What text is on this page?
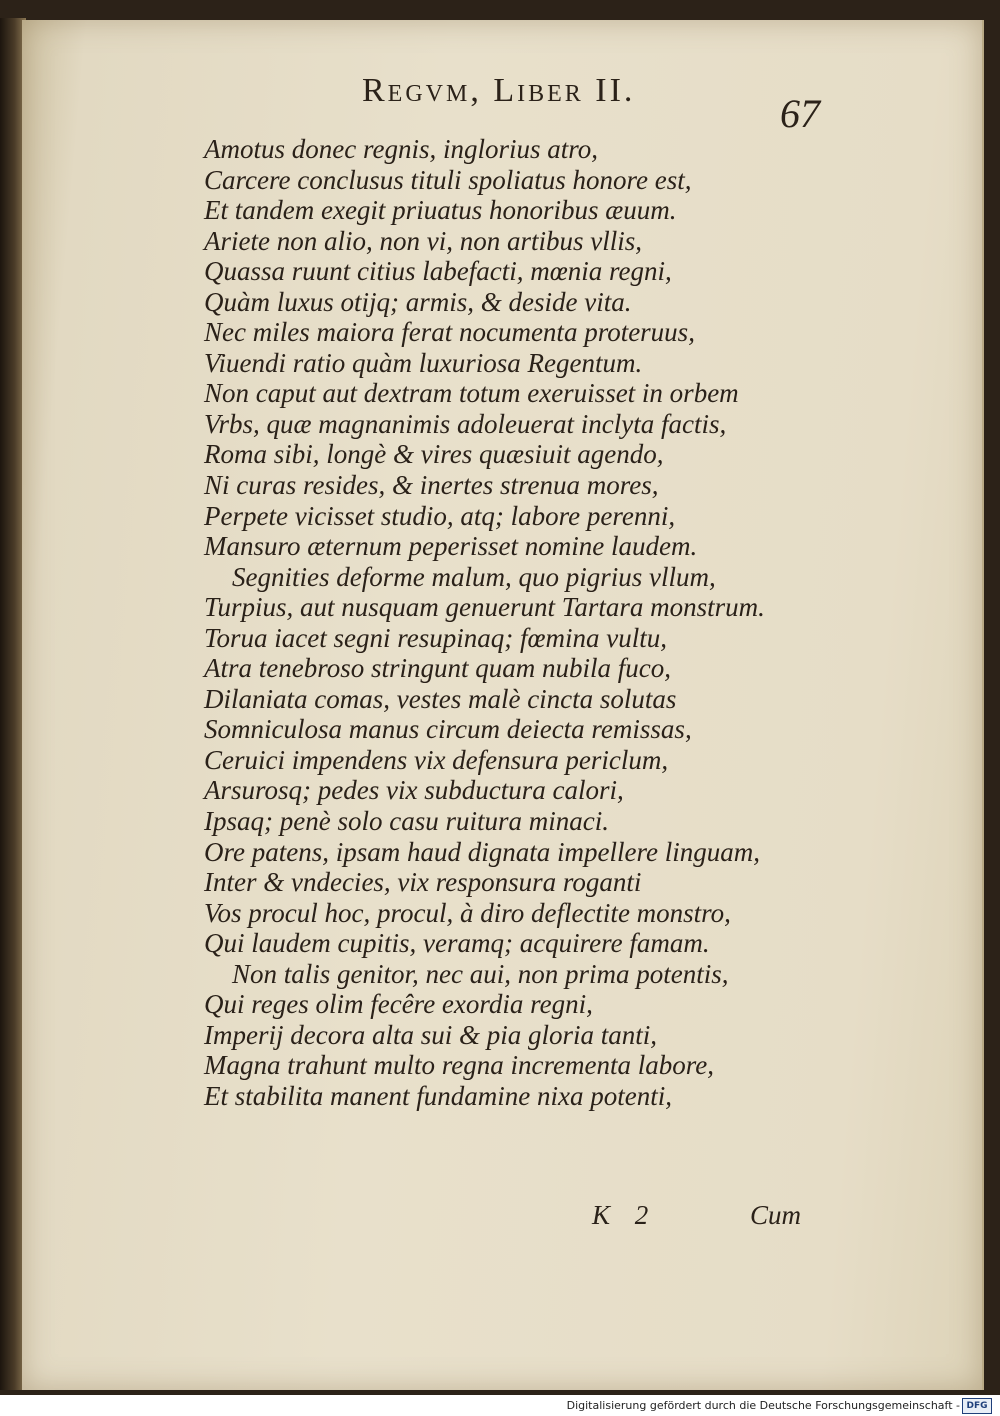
Regvm, Liber II.
67
Amotus donec regnis, inglorius atro,
Carcere conclusus tituli spoliatus honore est,
Et tandem exegit priuatus honoribus æuum.
Ariete non alio, non vi, non artibus vllis,
Quassa ruunt citius labefacti, mœnia regni,
Quàm luxus otijq; armis, & deside vita.
Nec miles maiora ferat nocumenta proteruus,
Viuendi ratio quàm luxuriosa Regentum.
Non caput aut dextram totum exeruisset in orbem
Vrbs, quæ magnanimis adoleuerat inclyta factis,
Roma sibi, longè & vires quæsiuit agendo,
Ni curas resides, & inertes strenua mores,
Perpete vicisset studio, atq; labore perenni,
Mansuro æternum peperisset nomine laudem.
Segnities deforme malum, quo pigrius vllum,
Turpius, aut nusquam genuerunt Tartara monstrum.
Torua iacet segni resupinaq; fœmina vultu,
Atra tenebroso stringunt quam nubila fuco,
Dilaniata comas, vestes malè cincta solutas
Somniculosa manus circum deiecta remissas,
Ceruici impendens vix defensura periclum,
Arsurosq; pedes vix subductura calori,
Ipsaq; penè solo casu ruitura minaci.
Ore patens, ipsam haud dignata impellere linguam,
Inter & vndecies, vix responsura roganti
Vos procul hoc, procul, à diro deflectite monstro,
Qui laudem cupitis, veramq; acquirere famam.
Non talis genitor, nec aui, non prima potentis,
Qui reges olim fecêre exordia regni,
Imperij decora alta sui & pia gloria tanti,
Magna trahunt multo regna incrementa labore,
Et stabilita manent fundamine nixa potenti,
K 2	Cum
Digitalisierung gefördert durch die Deutsche Forschungsgemeinschaft - DFG
